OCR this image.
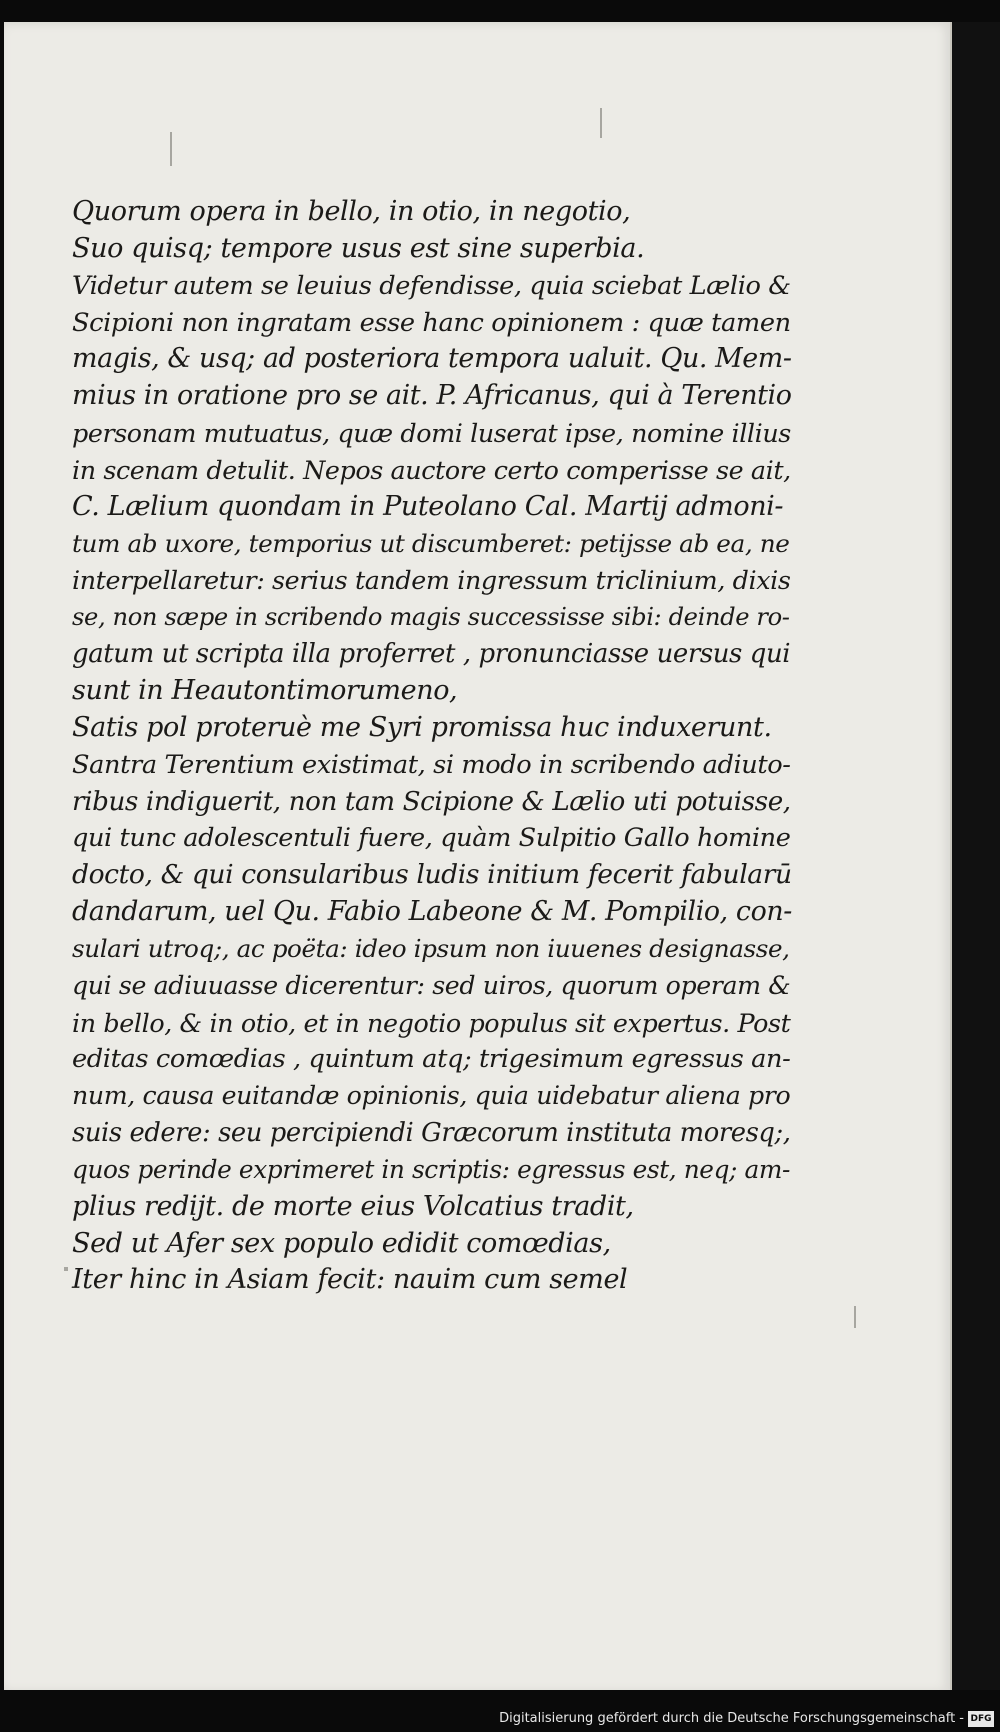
Quorum opera in bello, in otio, in negotio,
Suo quisq; tempore usus est sine superbia.
Videtur autem se leuius defendisse, quia sciebat Lælio &
Scipioni non ingratam esse hanc opinionem : quæ tamen
magis, & usq; ad posteriora tempora ualuit. Qu. Mem-
mius in oratione pro se ait. P. Africanus, qui à Terentio
personam mutuatus, quæ domi luserat ipse, nomine illius
in scenam detulit. Nepos auctore certo comperisse se ait,
C. Lælium quondam in Puteolano Cal. Martij admoni-
tum ab uxore, temporius ut discumberet: petijsse ab ea, ne
interpellaretur: serius tandem ingressum triclinium, dixis
se, non sæpe in scribendo magis successisse sibi: deinde ro-
gatum ut scripta illa proferret , pronunciasse uersus qui
sunt in Heautontimorumeno,
Satis pol proteruè me Syri promissa huc induxerunt.
Santra Terentium existimat, si modo in scribendo adiuto-
ribus indiguerit, non tam Scipione & Lælio uti potuisse,
qui tunc adolescentuli fuere, quàm Sulpitio Gallo homine
docto, & qui consularibus ludis initium fecerit fabularū
dandarum, uel Qu. Fabio Labeone & M. Pompilio, con-
sulari utroq;, ac poëta: ideo ipsum non iuuenes designasse,
qui se adiuuasse dicerentur: sed uiros, quorum operam &
in bello, & in otio, et in negotio populus sit expertus. Post
editas comœdias , quintum atq; trigesimum egressus an-
num, causa euitandæ opinionis, quia uidebatur aliena pro
suis edere: seu percipiendi Græcorum instituta moresq;,
quos perinde exprimeret in scriptis: egressus est, neq; am-
plius redijt. de morte eius Volcatius tradit,
Sed ut Afer sex populo edidit comœdias,
Iter hinc in Asiam fecit: nauim cum semel
Digitalisierung gefördert durch die Deutsche Forschungsgemeinschaft - DFG
